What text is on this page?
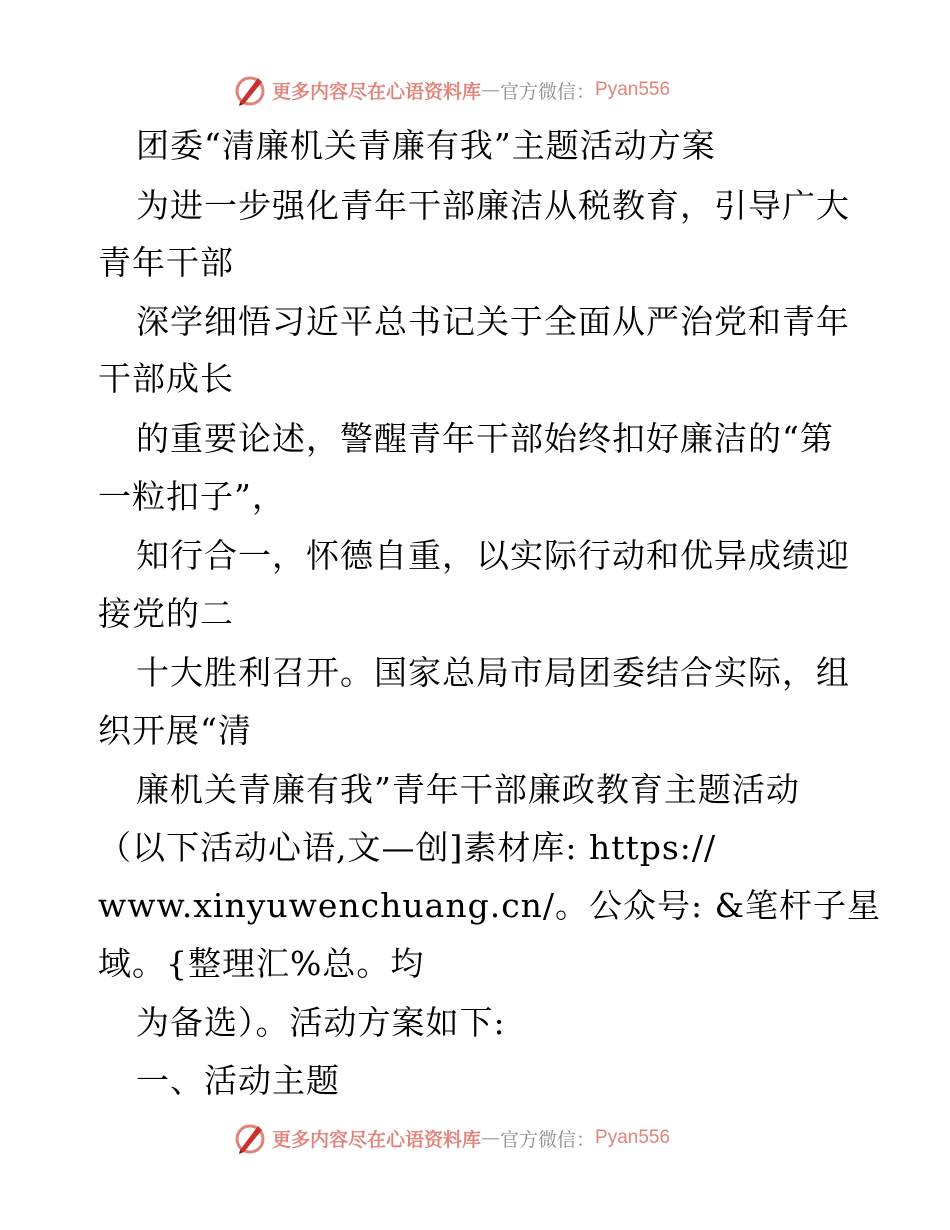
更多内容尽在心语资料库 — 官方微信： Pyan556
团委“清廉机关青廉有我”主题活动方案
为进一步强化青年干部廉洁从税教育，引导广大
青年干部
深学细悟习近平总书记关于全面从严治党和青年
干部成长
的重要论述，警醒青年干部始终扣好廉洁的“第
一粒扣子”，
知行合一，怀德自重，以实际行动和优异成绩迎
接党的二
十大胜利召开。国家总局市局团委结合实际，组
织开展“清
廉机关青廉有我”青年干部廉政教育主题活动
（以下活动心语,文—创]素材库: https://
www.xinyuwenchuang.cn/。公众号: &笔杆子星
域。{整理汇%总。均
为备选）。活动方案如下:
一、活动主题
更多内容尽在心语资料库 — 官方微信： Pyan556
